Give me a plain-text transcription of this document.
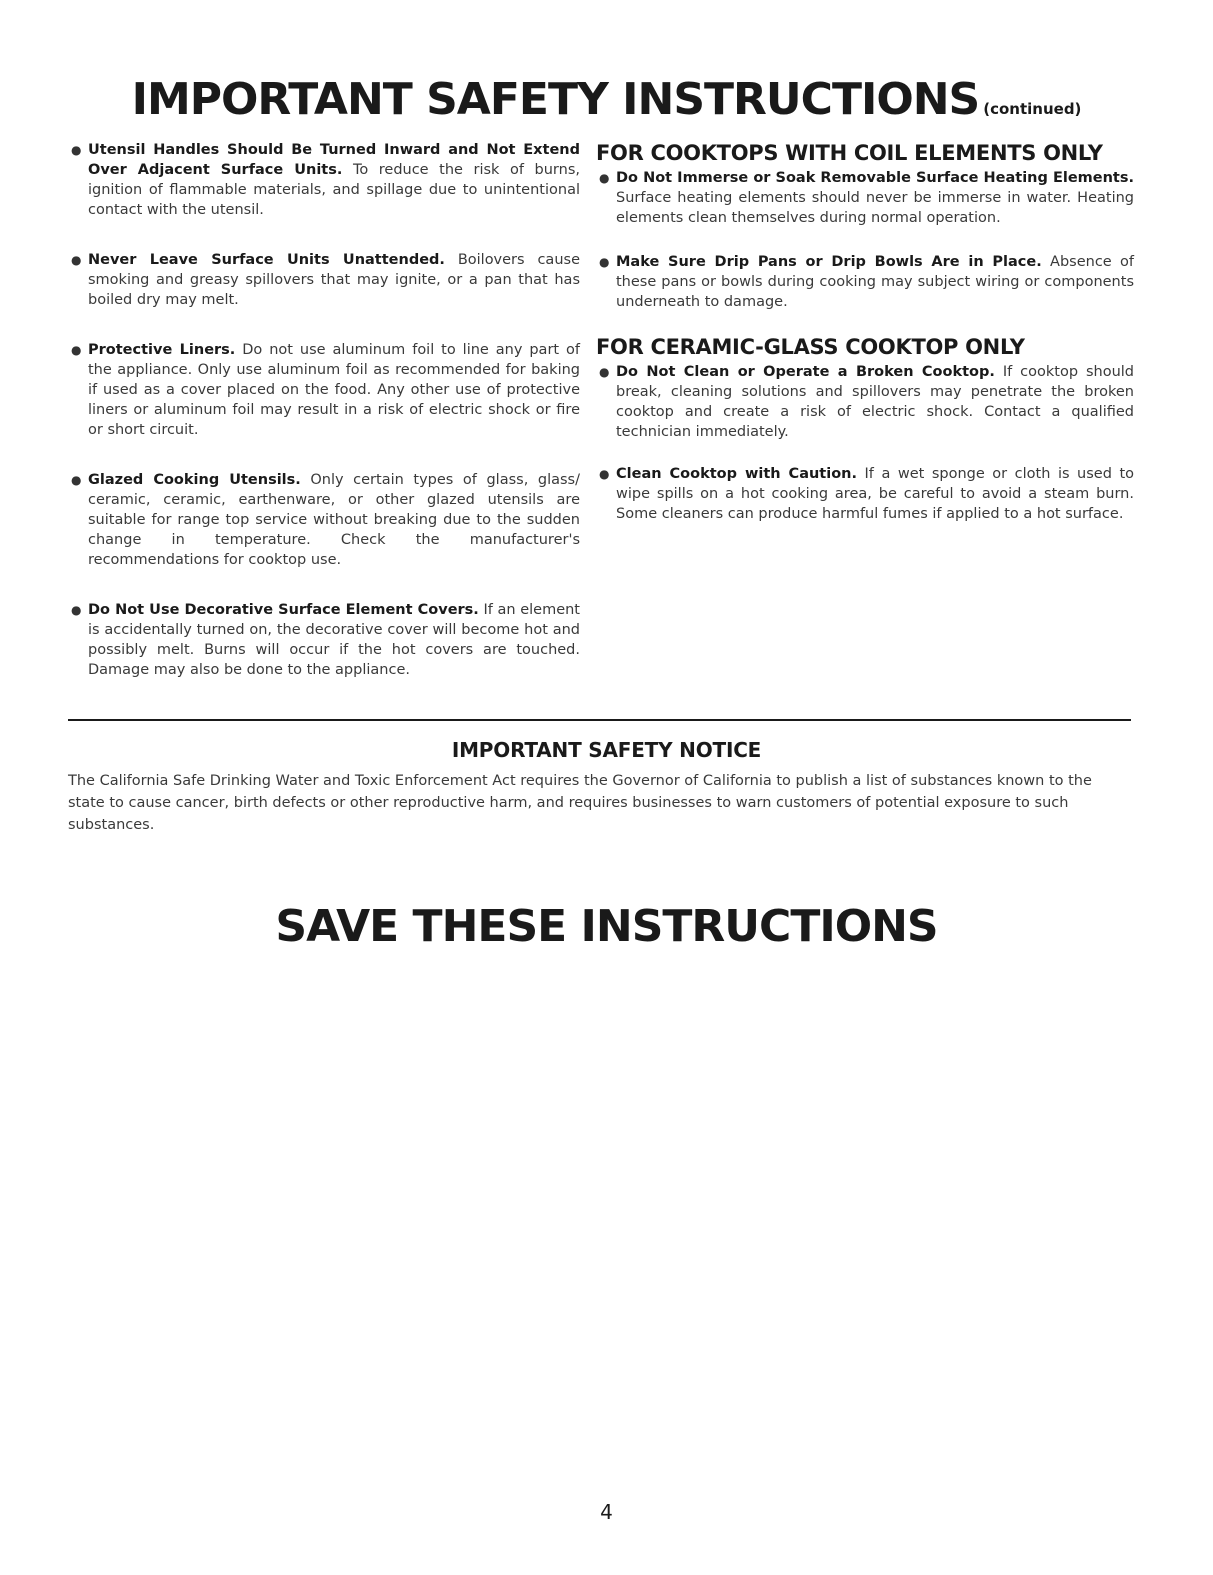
IMPORTANT SAFETY INSTRUCTIONS (continued)
● Utensil Handles Should Be Turned Inward and Not Extend Over Adjacent Surface Units. To reduce the risk of burns, ignition of flammable materials, and spillage due to unintentional contact with the utensil.
● Never Leave Surface Units Unattended. Boilovers cause smoking and greasy spillovers that may ignite, or a pan that has boiled dry may melt.
● Protective Liners. Do not use aluminum foil to line any part of the appliance. Only use aluminum foil as recommended for baking if used as a cover placed on the food. Any other use of protective liners or aluminum foil may result in a risk of electric shock or fire or short circuit.
● Glazed Cooking Utensils. Only certain types of glass, glass/ ceramic, ceramic, earthenware, or other glazed utensils are suitable for range top service without breaking due to the sudden change in temperature. Check the manufacturer's recommendations for cooktop use.
● Do Not Use Decorative Surface Element Covers. If an element is accidentally turned on, the decorative cover will become hot and possibly melt. Burns will occur if the hot covers are touched. Damage may also be done to the appliance.
FOR COOKTOPS WITH COIL ELEMENTS ONLY
● Do Not Immerse or Soak Removable Surface Heating Elements. Surface heating elements should never be immerse in water. Heating elements clean themselves during normal operation.
● Make Sure Drip Pans or Drip Bowls Are in Place. Absence of these pans or bowls during cooking may subject wiring or components underneath to damage.
FOR CERAMIC-GLASS COOKTOP ONLY
● Do Not Clean or Operate a Broken Cooktop. If cooktop should break, cleaning solutions and spillovers may penetrate the broken cooktop and create a risk of electric shock. Contact a qualified technician immediately.
● Clean Cooktop with Caution. If a wet sponge or cloth is used to wipe spills on a hot cooking area, be careful to avoid a steam burn. Some cleaners can produce harmful fumes if applied to a hot surface.
IMPORTANT SAFETY NOTICE
The California Safe Drinking Water and Toxic Enforcement Act requires the Governor of California to publish a list of substances known to the state to cause cancer, birth defects or other reproductive harm, and requires businesses to warn customers of potential exposure to such substances.
SAVE THESE INSTRUCTIONS
4
